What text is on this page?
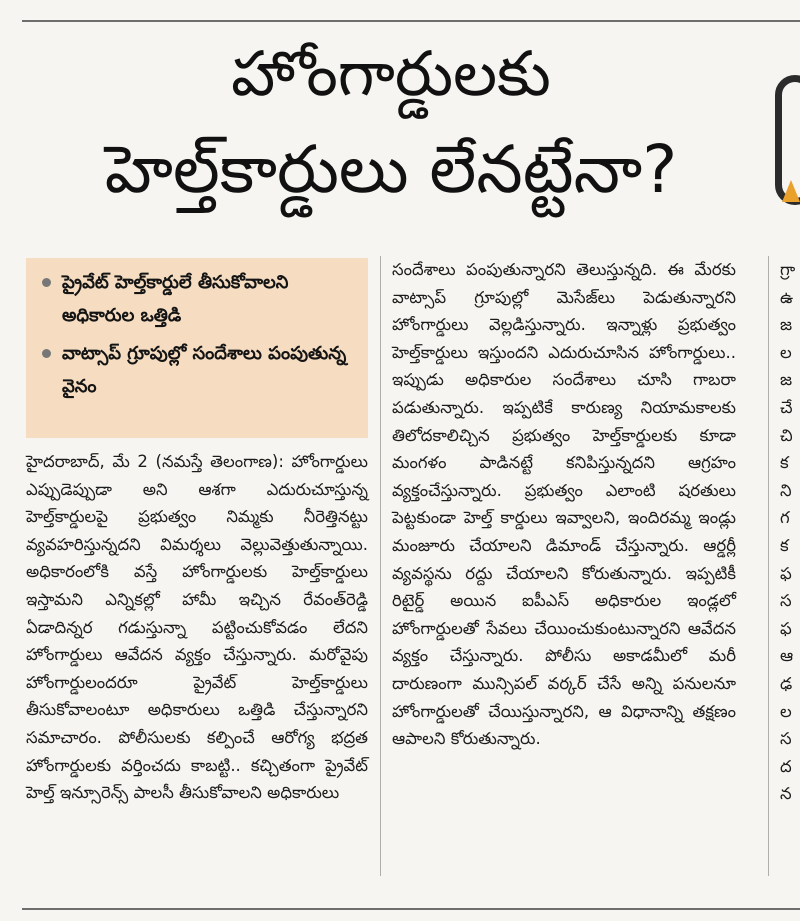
హోంగార్డులకు
హెల్త్‌కార్డులు లేనట్టేనా?
ప్రైవేట్ హెల్త్‌కార్డులే తీసుకోవాలని అధికారుల ఒత్తిడి
వాట్సాప్ గ్రూపుల్లో సందేశాలు పంపుతున్న వైనం

హైదరాబాద్, మే 2 (నమస్తే తెలంగాణ): హోంగార్డులు ఎప్పుడెప్పుడా అని ఆశగా ఎదురుచూస్తున్న హెల్త్‌కార్డులపై ప్రభుత్వం నిమ్మకు నీరెత్తినట్టు వ్యవహరిస్తున్నదని విమర్శలు వెల్లువెత్తుతున్నాయి. అధికారంలోకి వస్తే హోంగార్డులకు హెల్త్‌కార్డులు ఇస్తామని ఎన్నికల్లో హామీ ఇచ్చిన రేవంత్‌రెడ్డి ఏడాదిన్నర గడుస్తున్నా పట్టించుకోవడం లేదని హోంగార్డులు ఆవేదన వ్యక్తం చేస్తున్నారు. మరోవైపు హోంగార్డులందరూ ప్రైవేట్ హెల్త్‌కార్డులు తీసుకోవాలంటూ అధికారులు ఒత్తిడి చేస్తున్నారని సమాచారం. పోలీసులకు కల్పించే ఆరోగ్య భద్రత హోంగార్డులకు వర్తించదు కాబట్టి.. కచ్చితంగా ప్రైవేట్ హెల్త్ ఇన్సూరెన్స్ పాలసీ తీసుకోవాలని అధికారులు

సందేశాలు పంపుతున్నారని తెలుస్తున్నది. ఈ మేరకు వాట్సాప్ గ్రూపుల్లో మెసేజ్‌లు పెడుతున్నారని హోంగార్డులు వెల్లడిస్తున్నారు. ఇన్నాళ్లు ప్రభుత్వం హెల్త్‌కార్డులు ఇస్తుందని ఎదురుచూసిన హోంగార్డులు.. ఇప్పుడు అధికారుల సందేశాలు చూసి గాబరా పడుతున్నారు. ఇప్పటికే కారుణ్య నియామకాలకు తిలోదకాలిచ్చిన ప్రభుత్వం హెల్త్‌కార్డులకు కూడా మంగళం పాడినట్టే కనిపిస్తున్నదని ఆగ్రహం వ్యక్తంచేస్తున్నారు. ప్రభుత్వం ఎలాంటి షరతులు పెట్టకుండా హెల్త్ కార్డులు ఇవ్వాలని, ఇందిరమ్మ ఇండ్లు మంజూరు చేయాలని డిమాండ్ చేస్తున్నారు. ఆర్డర్లీ వ్యవస్థను రద్దు చేయాలని కోరుతున్నారు. ఇప్పటికీ రిటైర్డ్ అయిన ఐపీఎస్ అధికారుల ఇండ్లలో హోంగార్డులతో సేవలు చేయించుకుంటున్నారని ఆవేదన వ్యక్తం చేస్తున్నారు. పోలీసు అకాడమీలో మరీ దారుణంగా మున్సిపల్ వర్కర్ చేసే అన్ని పనులనూ హోంగార్డులతో చేయిస్తున్నారని, ఆ విధానాన్ని తక్షణం ఆపాలని కోరుతున్నారు.

గ్రా
ఉ
జ
ల
జ
చే
చి
క
ని
గ
క
ఫ
స
ఫ
ఆ
ఢ
ల
స
ద
న
